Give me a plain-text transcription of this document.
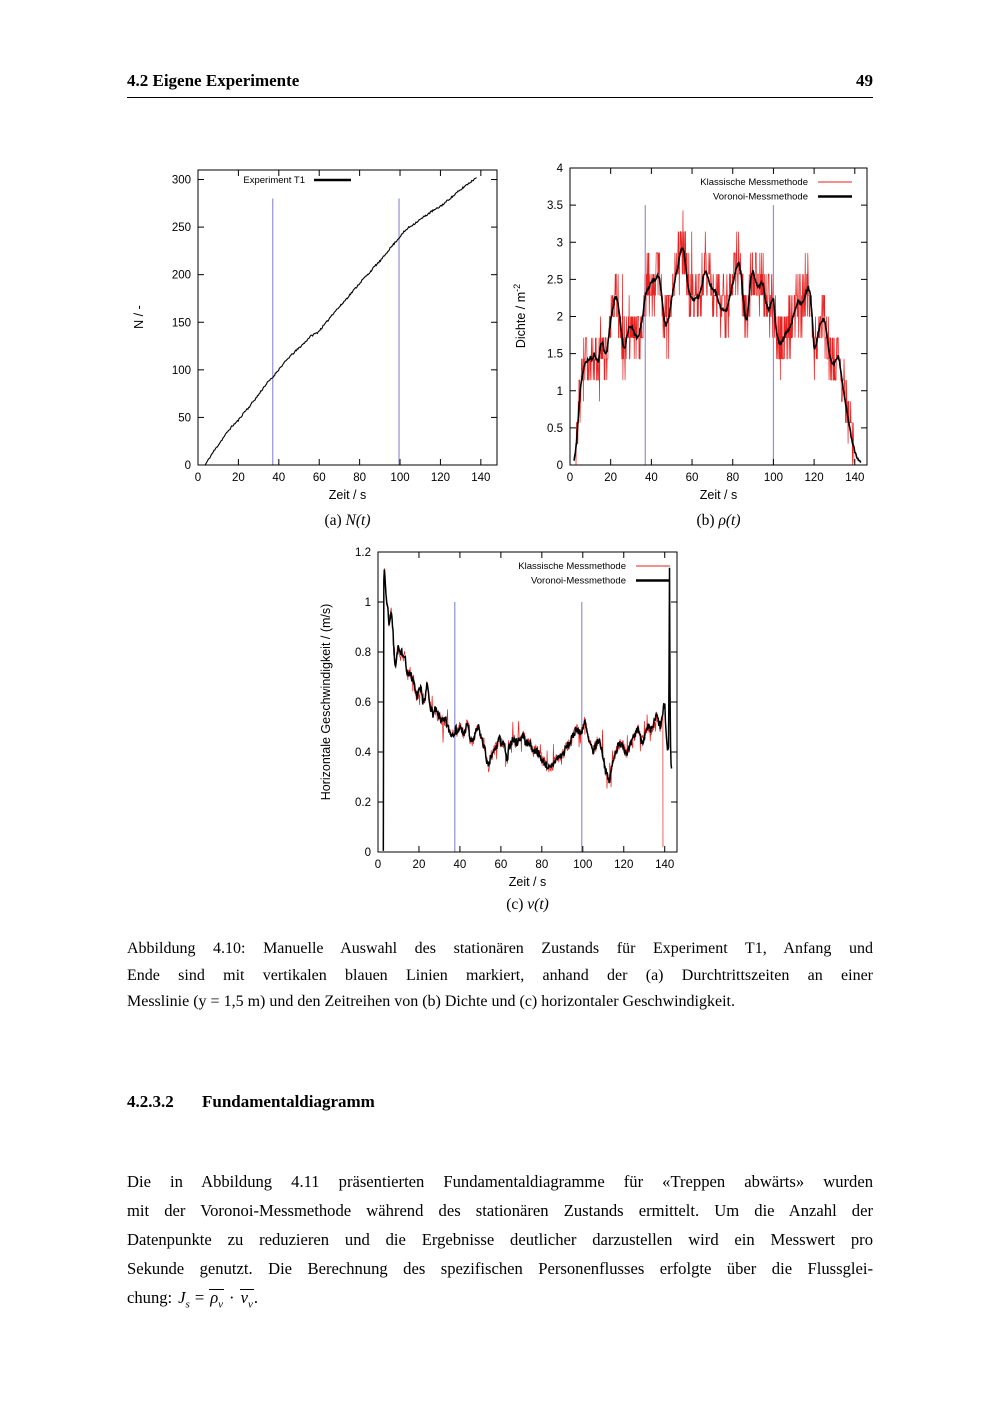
4.2 Eigene Experimente	49
0	20 40 60 80 100 120 140
0
50
100
150
200
250
300
Zeit / s
N / -
Experiment T1
(a) N(t)
0	20 40 60 80 100 120 140
0
0.5
1
1.5
2
2.5
3
3.5
4
Zeit / s
Dichte / $m^{-2}$
Klassische Messmethode
Voronoi-Messmethode
(b) ρ(t)
0	20 40 60 80 100 120 140
0
0.2
0.4
0.6
0.8
1
1.2
Zeit / s
Horizontale Geschwindigkeit / (m/s)
Klassische Messmethode
Voronoi-Messmethode
(c) v(t)
Abbildung 4.10: Manuelle Auswahl des stationären Zustands für Experiment T1, Anfang und
Ende sind mit vertikalen blauen Linien markiert, anhand der (a) Durchtrittszeiten an einer
Messlinie (y = 1,5 m) und den Zeitreihen von (b) Dichte und (c) horizontaler Geschwindigkeit.
4.2.3.2 Fundamentaldiagramm
Die in Abbildung 4.11 präsentierten Fundamentaldiagramme für «Treppen abwärts» wurden
mit der Voronoi-Messmethode während des stationären Zustands ermittelt. Um die Anzahl der
Datenpunkte zu reduzieren und die Ergebnisse deutlicher darzustellen wird ein Messwert pro
Sekunde genutzt. Die Berechnung des spezifischen Personenflusses erfolgte über die Flussglei-
chung: $J_s = \rho_v \cdot v_v$.
